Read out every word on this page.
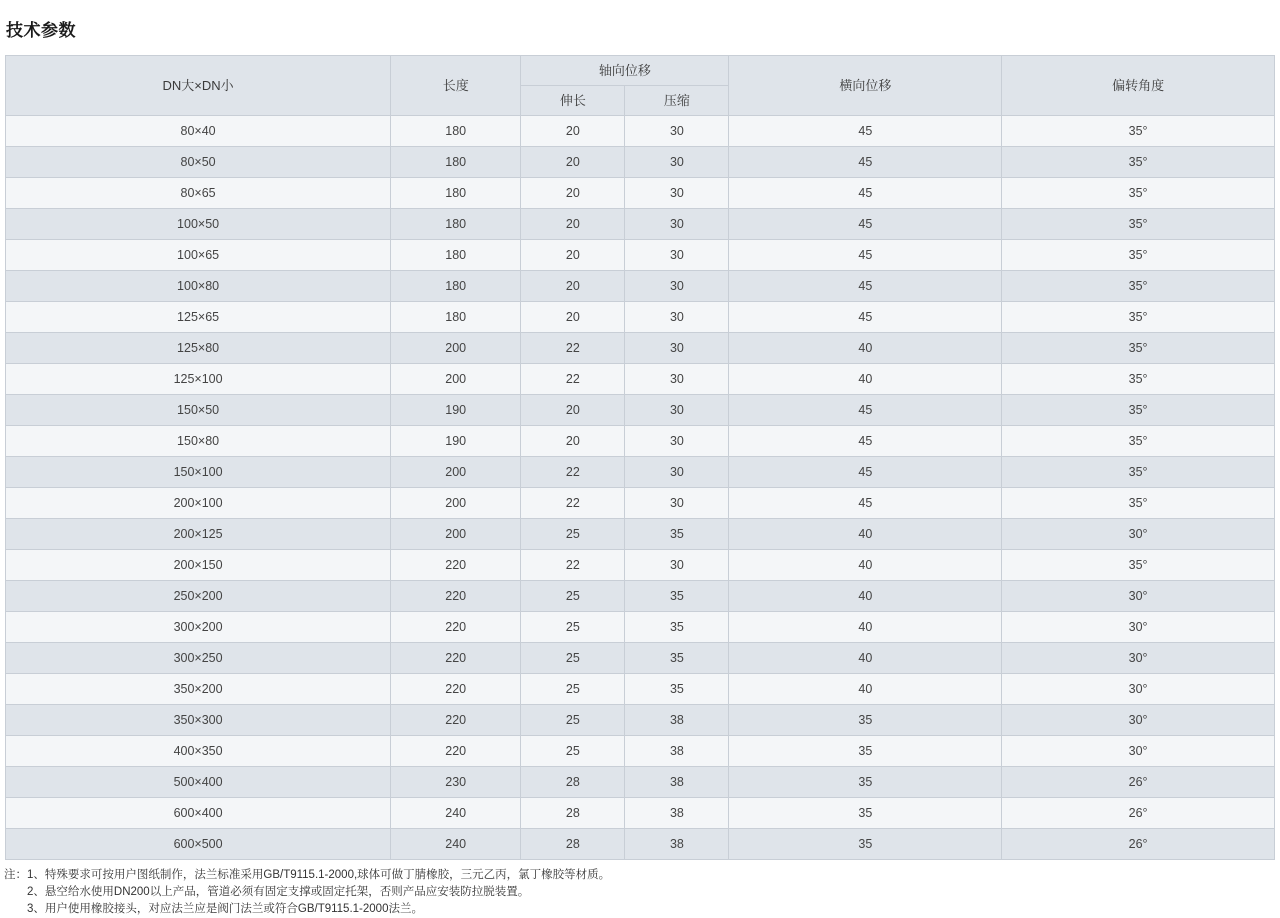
技术参数
DN大×DN小	长度	轴向位移		横向位移	偏转角度
		伸长	压缩		
80×40	180	20	30	45	35°
80×50	180	20	30	45	35°
80×65	180	20	30	45	35°
100×50	180	20	30	45	35°
100×65	180	20	30	45	35°
100×80	180	20	30	45	35°
125×65	180	20	30	45	35°
125×80	200	22	30	40	35°
125×100	200	22	30	40	35°
150×50	190	20	30	45	35°
150×80	190	20	30	45	35°
150×100	200	22	30	45	35°
200×100	200	22	30	45	35°
200×125	200	25	35	40	30°
200×150	220	22	30	40	35°
250×200	220	25	35	40	30°
300×200	220	25	35	40	30°
300×250	220	25	35	40	30°
350×200	220	25	35	40	30°
350×300	220	25	38	35	30°
400×350	220	25	38	35	30°
500×400	230	28	38	35	26°
600×400	240	28	38	35	26°
600×500	240	28	38	35	26°
注：1、特殊要求可按用户图纸制作，法兰标准采用GB/T9115.1-2000,球体可做丁腈橡胶，三元乙丙，氯丁橡胶等材质。
　　2、悬空给水使用DN200以上产品，管道必须有固定支撑或固定托架，否则产品应安装防拉脱装置。
　　3、用户使用橡胶接头，对应法兰应是阀门法兰或符合GB/T9115.1-2000法兰。
